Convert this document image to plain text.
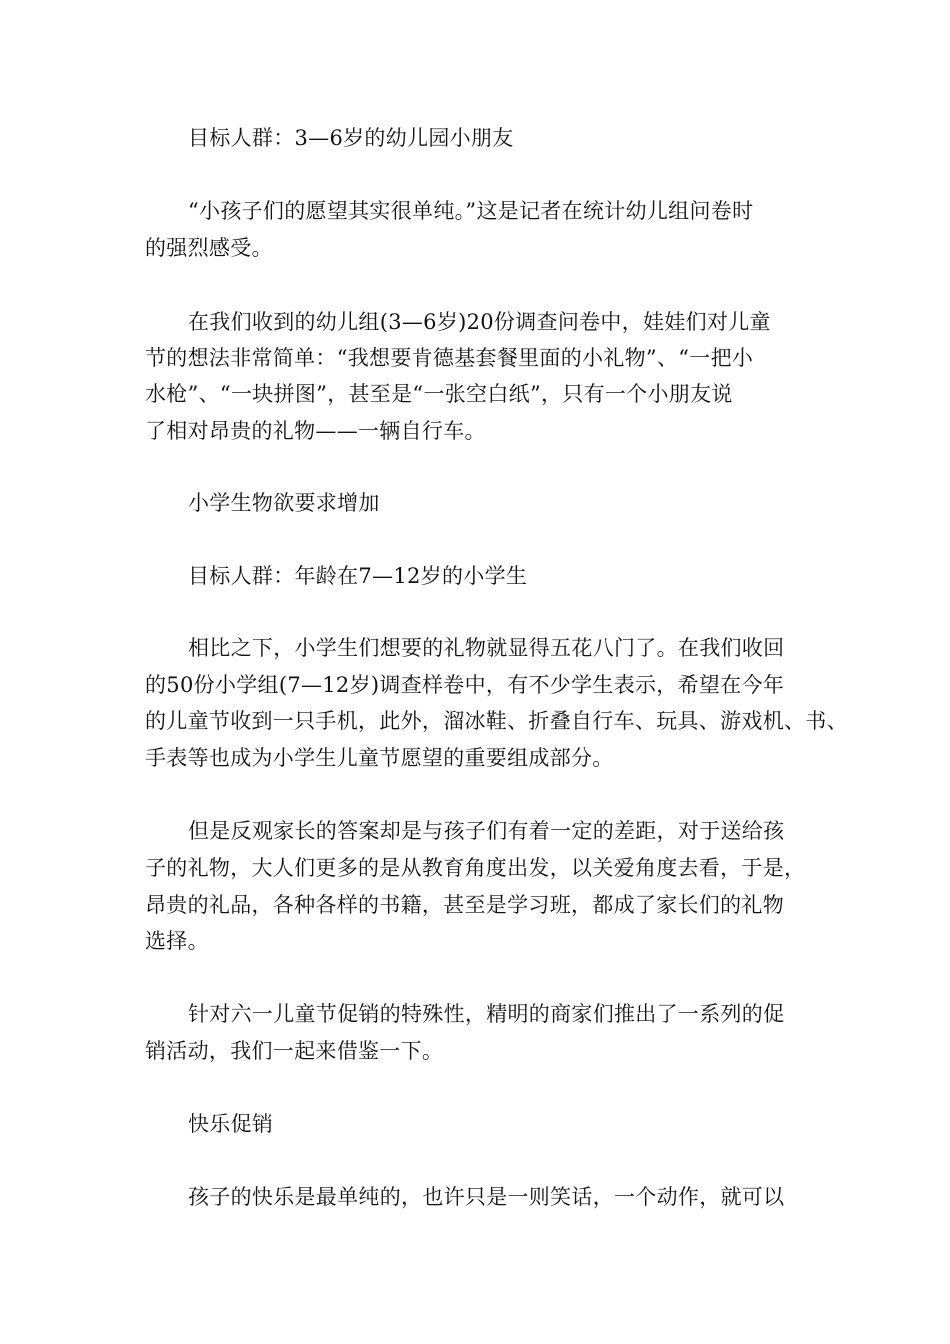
目标人群：3—6岁的幼儿园小朋友
“小孩子们的愿望其实很单纯。”这是记者在统计幼儿组问卷时
的强烈感受。
在我们收到的幼儿组(3—6岁)20份调查问卷中，娃娃们对儿童
节的想法非常简单：“我想要肯德基套餐里面的小礼物”、“一把小
水枪”、“一块拼图”，甚至是“一张空白纸”，只有一个小朋友说
了相对昂贵的礼物——一辆自行车。
小学生物欲要求增加
目标人群：年龄在7—12岁的小学生
相比之下，小学生们想要的礼物就显得五花八门了。在我们收回
的50份小学组(7—12岁)调查样卷中，有不少学生表示，希望在今年
的儿童节收到一只手机，此外，溜冰鞋、折叠自行车、玩具、游戏机、书、
手表等也成为小学生儿童节愿望的重要组成部分。
但是反观家长的答案却是与孩子们有着一定的差距，对于送给孩
子的礼物，大人们更多的是从教育角度出发，以关爱角度去看，于是，
昂贵的礼品，各种各样的书籍，甚至是学习班，都成了家长们的礼物
选择。
针对六一儿童节促销的特殊性，精明的商家们推出了一系列的促
销活动，我们一起来借鉴一下。
快乐促销
孩子的快乐是最单纯的，也许只是一则笑话，一个动作，就可以
